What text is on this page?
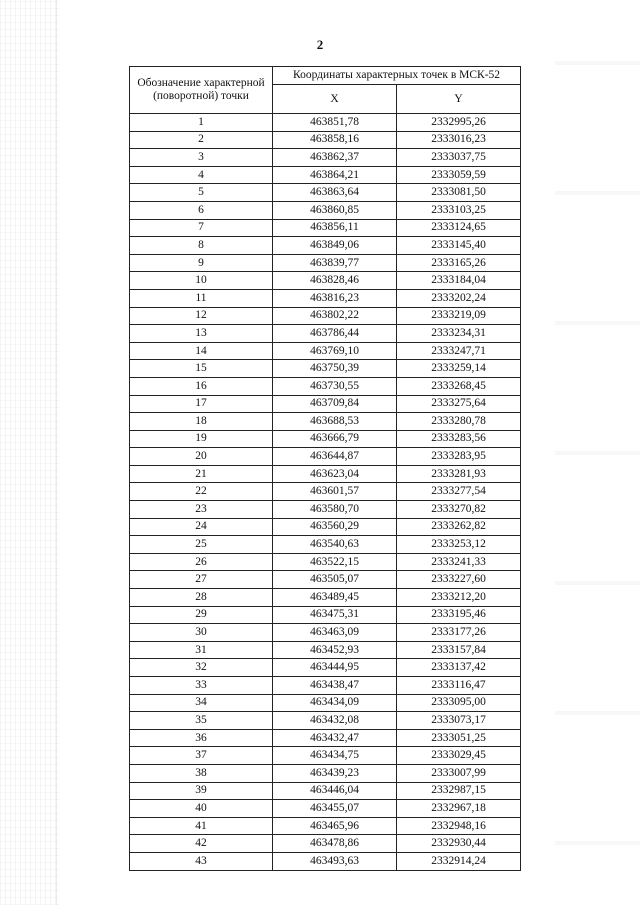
2
Обозначение характерной (поворотной) точки	Координаты характерных точек в МСК-52	
	X	Y
1	463851,78	2332995,26
2	463858,16	2333016,23
3	463862,37	2333037,75
4	463864,21	2333059,59
5	463863,64	2333081,50
6	463860,85	2333103,25
7	463856,11	2333124,65
8	463849,06	2333145,40
9	463839,77	2333165,26
10	463828,46	2333184,04
11	463816,23	2333202,24
12	463802,22	2333219,09
13	463786,44	2333234,31
14	463769,10	2333247,71
15	463750,39	2333259,14
16	463730,55	2333268,45
17	463709,84	2333275,64
18	463688,53	2333280,78
19	463666,79	2333283,56
20	463644,87	2333283,95
21	463623,04	2333281,93
22	463601,57	2333277,54
23	463580,70	2333270,82
24	463560,29	2333262,82
25	463540,63	2333253,12
26	463522,15	2333241,33
27	463505,07	2333227,60
28	463489,45	2333212,20
29	463475,31	2333195,46
30	463463,09	2333177,26
31	463452,93	2333157,84
32	463444,95	2333137,42
33	463438,47	2333116,47
34	463434,09	2333095,00
35	463432,08	2333073,17
36	463432,47	2333051,25
37	463434,75	2333029,45
38	463439,23	2333007,99
39	463446,04	2332987,15
40	463455,07	2332967,18
41	463465,96	2332948,16
42	463478,86	2332930,44
43	463493,63	2332914,24
